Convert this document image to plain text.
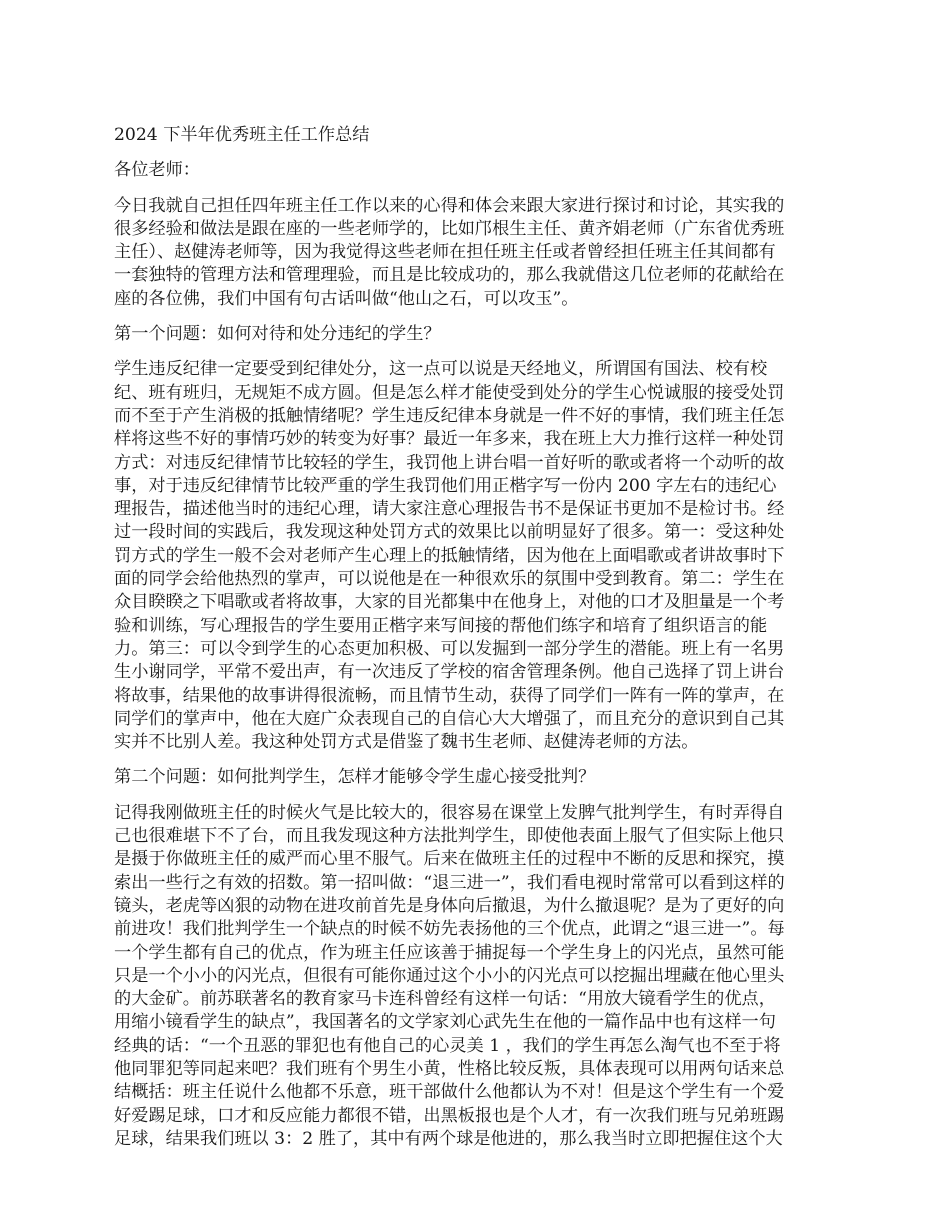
2024 下半年优秀班主任工作总结
各位老师：
今日我就自己担任四年班主任工作以来的心得和体会来跟大家进行探讨和讨论，其实我的
很多经验和做法是跟在座的一些老师学的，比如邝根生主任、黄齐娟老师（广东省优秀班
主任）、赵健涛老师等，因为我觉得这些老师在担任班主任或者曾经担任班主任其间都有
一套独特的管理方法和管理理验，而且是比较成功的，那么我就借这几位老师的花献给在
座的各位佛，我们中国有句古话叫做“他山之石，可以攻玉”。
第一个问题：如何对待和处分违纪的学生？
学生违反纪律一定要受到纪律处分，这一点可以说是天经地义，所谓国有国法、校有校
纪、班有班归，无规矩不成方圆。但是怎么样才能使受到处分的学生心悦诚服的接受处罚
而不至于产生消极的抵触情绪呢？学生违反纪律本身就是一件不好的事情，我们班主任怎
样将这些不好的事情巧妙的转变为好事？最近一年多来，我在班上大力推行这样一种处罚
方式：对违反纪律情节比较轻的学生，我罚他上讲台唱一首好听的歌或者将一个动听的故
事，对于违反纪律情节比较严重的学生我罚他们用正楷字写一份内 200 字左右的违纪心
理报告，描述他当时的违纪心理，请大家注意心理报告书不是保证书更加不是检讨书。经
过一段时间的实践后，我发现这种处罚方式的效果比以前明显好了很多。第一：受这种处
罚方式的学生一般不会对老师产生心理上的抵触情绪，因为他在上面唱歌或者讲故事时下
面的同学会给他热烈的掌声，可以说他是在一种很欢乐的氛围中受到教育。第二：学生在
众目睽睽之下唱歌或者将故事，大家的目光都集中在他身上，对他的口才及胆量是一个考
验和训练，写心理报告的学生要用正楷字来写间接的帮他们练字和培育了组织语言的能
力。第三：可以令到学生的心态更加积极、可以发掘到一部分学生的潜能。班上有一名男
生小谢同学，平常不爱出声，有一次违反了学校的宿舍管理条例。他自己选择了罚上讲台
将故事，结果他的故事讲得很流畅，而且情节生动，获得了同学们一阵有一阵的掌声，在
同学们的掌声中，他在大庭广众表现自己的自信心大大增强了，而且充分的意识到自己其
实并不比别人差。我这种处罚方式是借鉴了魏书生老师、赵健涛老师的方法。
第二个问题：如何批判学生，怎样才能够令学生虚心接受批判？
记得我刚做班主任的时候火气是比较大的，很容易在课堂上发脾气批判学生，有时弄得自
己也很难堪下不了台，而且我发现这种方法批判学生，即使他表面上服气了但实际上他只
是摄于你做班主任的威严而心里不服气。后来在做班主任的过程中不断的反思和探究，摸
索出一些行之有效的招数。第一招叫做：“退三进一”，我们看电视时常常可以看到这样的
镜头，老虎等凶狠的动物在进攻前首先是身体向后撤退，为什么撤退呢？是为了更好的向
前进攻！我们批判学生一个缺点的时候不妨先表扬他的三个优点，此谓之“退三进一”。每
一个学生都有自己的优点，作为班主任应该善于捕捉每一个学生身上的闪光点，虽然可能
只是一个小小的闪光点，但很有可能你通过这个小小的闪光点可以挖掘出埋藏在他心里头
的大金矿。前苏联著名的教育家马卡连科曾经有这样一句话：“用放大镜看学生的优点，
用缩小镜看学生的缺点”，我国著名的文学家刘心武先生在他的一篇作品中也有这样一句
经典的话：“一个丑恶的罪犯也有他自己的心灵美 1 ，我们的学生再怎么淘气也不至于将
他同罪犯等同起来吧？我们班有个男生小黄，性格比较反叛，具体表现可以用两句话来总
结概括：班主任说什么他都不乐意，班干部做什么他都认为不对！但是这个学生有一个爱
好爱踢足球，口才和反应能力都很不错，出黑板报也是个人才，有一次我们班与兄弟班踢
足球，结果我们班以 3：2 胜了，其中有两个球是他进的，那么我当时立即把握住这个大
